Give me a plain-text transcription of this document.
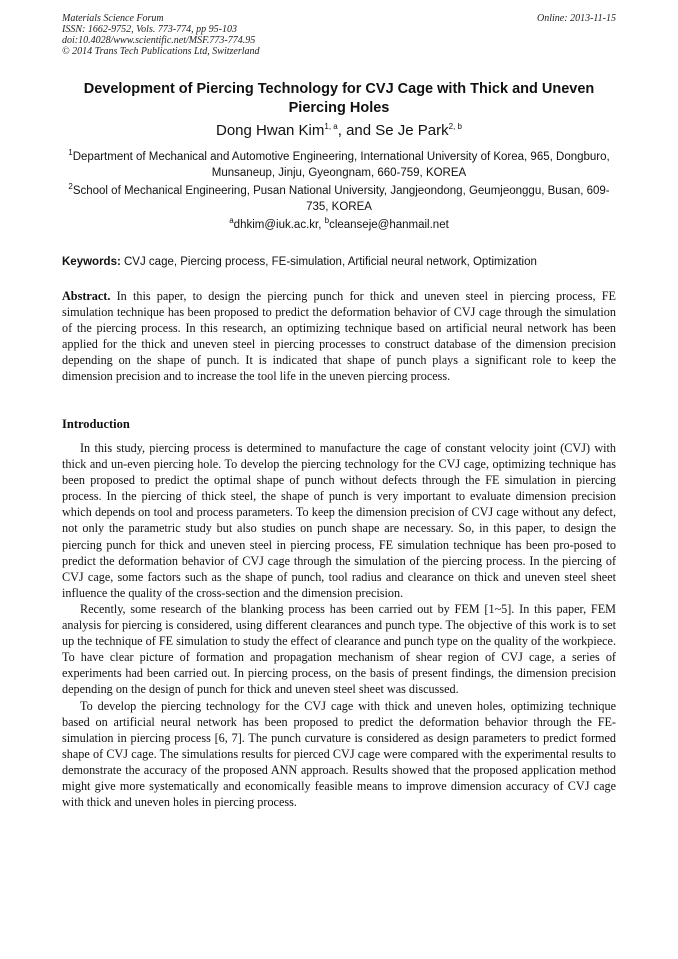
Materials Science Forum
ISSN: 1662-9752, Vols. 773-774, pp 95-103
doi:10.4028/www.scientific.net/MSF.773-774.95
© 2014 Trans Tech Publications Ltd, Switzerland
Online: 2013-11-15
Development of Piercing Technology for CVJ Cage with Thick and Uneven Piercing Holes
Dong Hwan Kim$^{1, a}$, and Se Je Park$^{2, b}$
$^1$Department of Mechanical and Automotive Engineering, International University of Korea, 965, Dongburo, Munsaneup, Jinju, Gyeongnam, 660-759, KOREA
$^2$School of Mechanical Engineering, Pusan National University, Jangjeondong, Geumjeonggu, Busan, 609-735, KOREA
$^a$dhkim@iuk.ac.kr, $^b$cleanseje@hanmail.net
Keywords: CVJ cage, Piercing process, FE-simulation, Artificial neural network, Optimization
Abstract. In this paper, to design the piercing punch for thick and uneven steel in piercing process, FE simulation technique has been proposed to predict the deformation behavior of CVJ cage through the simulation of the piercing process. In this research, an optimizing technique based on artificial neural network has been applied for the thick and uneven steel in piercing processes to construct database of the dimension precision depending on the shape of punch. It is indicated that shape of punch plays a significant role to keep the dimension precision and to increase the tool life in the uneven piercing process.
Introduction

In this study, piercing process is determined to manufacture the cage of constant velocity joint (CVJ) with thick and un-even piercing hole. To develop the piercing technology for the CVJ cage, optimizing technique has been proposed to predict the optimal shape of punch without defects through the FE simulation in piercing process. In the piercing of thick steel, the shape of punch is very important to evaluate dimension precision which depends on tool and process parameters. To keep the dimension precision of CVJ cage without any defect, not only the parametric study but also studies on punch shape are necessary. So, in this paper, to design the piercing punch for thick and uneven steel in piercing process, FE simulation technique has been pro-posed to predict the deformation behavior of CVJ cage through the simulation of the piercing process. In the piercing of CVJ cage, some factors such as the shape of punch, tool radius and clearance on thick and uneven steel sheet influence the quality of the cross-section and the dimension precision.

Recently, some research of the blanking process has been carried out by FEM [1~5]. In this paper, FEM analysis for piercing is considered, using different clearances and punch type. The objective of this work is to set up the technique of FE simulation to study the effect of clearance and punch type on the quality of the workpiece. To have clear picture of formation and propagation mechanism of shear region of CVJ cage, a series of experiments had been carried out. In piercing process, on the basis of present findings, the dimension precision depending on the design of punch for thick and uneven steel sheet was discussed.

To develop the piercing technology for the CVJ cage with thick and uneven holes, optimizing technique based on artificial neural network has been proposed to predict the deformation behavior through the FE-simulation in piercing process [6, 7]. The punch curvature is considered as design parameters to predict formed shape of CVJ cage. The simulations results for pierced CVJ cage were compared with the experimental results to demonstrate the accuracy of the proposed ANN approach. Results showed that the proposed application method might give more systematically and economically feasible means to improve dimension accuracy of CVJ cage with thick and uneven holes in piercing process.
